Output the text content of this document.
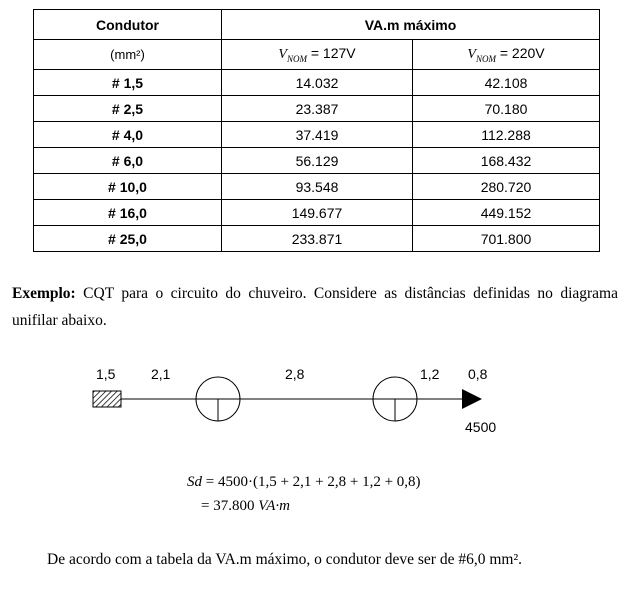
Condutor	VA.m máximo	
(mm²)	$V_{NOM} = 127V$	$V_{NOM} = 220V$
# 1,5	14.032	42.108
# 2,5	23.387	70.180
# 4,0	37.419	112.288
# 6,0	56.129	168.432
# 10,0	93.548	280.720
# 16,0	149.677	449.152
# 25,0	233.871	701.800
Exemplo: CQT para o circuito do chuveiro. Considere as distâncias definidas no diagrama unifilar abaixo.
1,5	2,1	2,8	1,2 0,8
4500
Sd = 4500·(1,5 + 2,1 + 2,8 + 1,2 + 0,8)
= 37.800 VA·m
De acordo com a tabela da VA.m máximo, o condutor deve ser de #6,0 mm².
